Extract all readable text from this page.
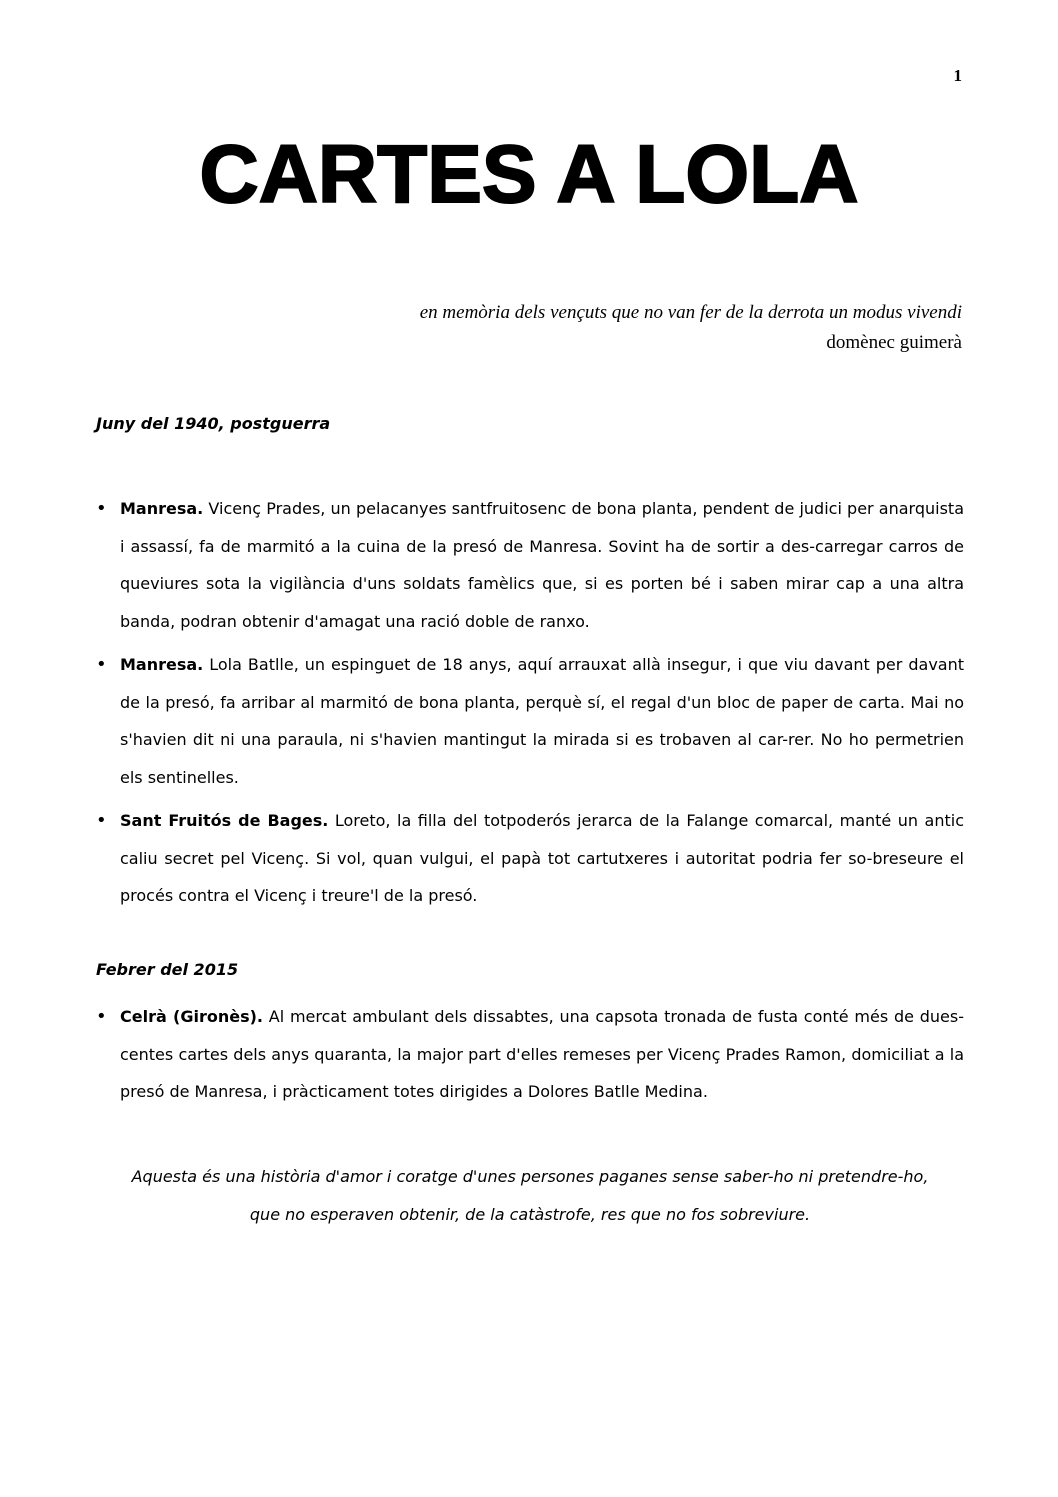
1
CARTES A LOLA
en memòria dels vençuts que no van fer de la derrota un modus vivendi
domènec guimerà
Juny del 1940, postguerra
• Manresa. Vicenç Prades, un pelacanyes santfruitosenc de bona planta, pendent de judici per anarquista i assassí, fa de marmitó a la cuina de la presó de Manresa. Sovint ha de sortir a des-carregar carros de queviures sota la vigilància d'uns soldats famèlics que, si es porten bé i saben mirar cap a una altra banda, podran obtenir d'amagat una ració doble de ranxo.
• Manresa. Lola Batlle, un espinguet de 18 anys, aquí arrauxat allà insegur, i que viu davant per davant de la presó, fa arribar al marmitó de bona planta, perquè sí, el regal d'un bloc de paper de carta. Mai no s'havien dit ni una paraula, ni s'havien mantingut la mirada si es trobaven al car-rer. No ho permetrien els sentinelles.
• Sant Fruitós de Bages. Loreto, la filla del totpoderós jerarca de la Falange comarcal, manté un antic caliu secret pel Vicenç. Si vol, quan vulgui, el papà tot cartutxeres i autoritat podria fer so-breseure el procés contra el Vicenç i treure'l de la presó.
Febrer del 2015
• Celrà (Gironès). Al mercat ambulant dels dissabtes, una capsota tronada de fusta conté més de dues-centes cartes dels anys quaranta, la major part d'elles remeses per Vicenç Prades Ramon, domiciliat a la presó de Manresa, i pràcticament totes dirigides a Dolores Batlle Medina.
Aquesta és una història d'amor i coratge d'unes persones paganes sense saber-ho ni pretendre-ho,
que no esperaven obtenir, de la catàstrofe, res que no fos sobreviure.
